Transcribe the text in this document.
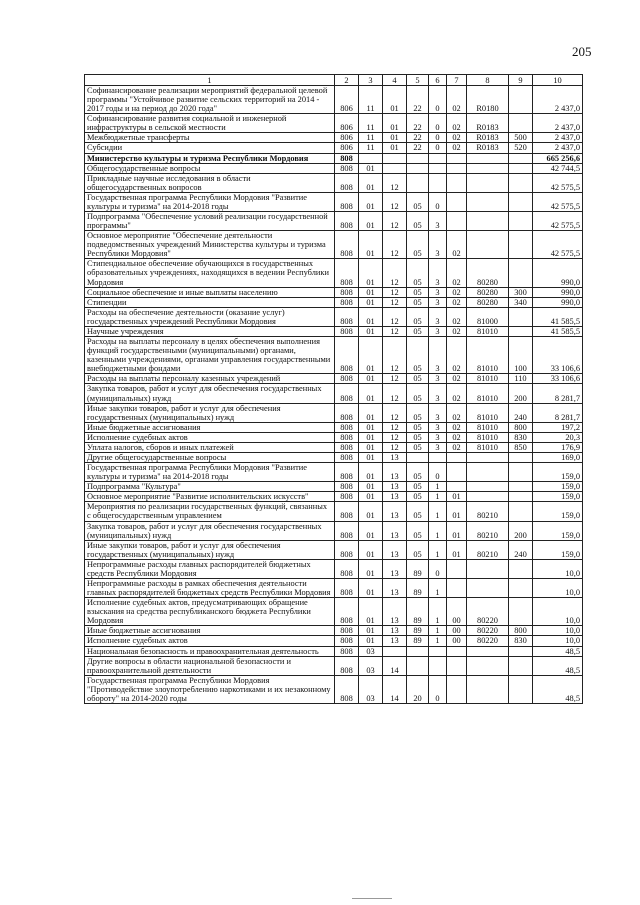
205
1	2	3	4	5	6	7	8	9	10
Софинансирование реализации мероприятий федеральной целевой программы "Устойчивое развитие сельских территорий на 2014 - 2017 годы и на период до 2020 года"	806	11	01	22	0	02	R0180		2 437,0
Софинансирование развития социальной и инженерной инфраструктуры в сельской местности	806	11	01	22	0	02	R0183		2 437,0
Межбюджетные трансферты	806	11	01	22	0	02	R0183	500	2 437,0
Субсидии	806	11	01	22	0	02	R0183	520	2 437,0
Министерство культуры и туризма Республики Мордовия	808								665 256,6
Общегосударственные вопросы	808	01							42 744,5
Прикладные научные исследования в области общегосударственных вопросов	808	01	12						42 575,5
Государственная программа Республики Мордовия "Развитие культуры и туризма" на 2014-2018 годы	808	01	12	05	0				42 575,5
Подпрограмма "Обеспечение условий реализации государственной программы"	808	01	12	05	3				42 575,5
Основное мероприятие "Обеспечение деятельности подведомственных учреждений Министерства культуры и туризма Республики Мордовия"	808	01	12	05	3	02			42 575,5
Стипендиальное обеспечение обучающихся в государственных образовательных учреждениях, находящихся в ведении Республики Мордовия	808	01	12	05	3	02	80280		990,0
Социальное обеспечение и иные выплаты населению	808	01	12	05	3	02	80280	300	990,0
Стипендии	808	01	12	05	3	02	80280	340	990,0
Расходы на обеспечение деятельности (оказание услуг) государственных учреждений Республики Мордовия	808	01	12	05	3	02	81000		41 585,5
Научные учреждения	808	01	12	05	3	02	81010		41 585,5
Расходы на выплаты персоналу в целях обеспечения выполнения функций государственными (муниципальными) органами, казенными учреждениями, органами управления государственными внебюджетными фондами	808	01	12	05	3	02	81010	100	33 106,6
Расходы на выплаты персоналу казенных учреждений	808	01	12	05	3	02	81010	110	33 106,6
Закупка товаров, работ и услуг для обеспечения государственных (муниципальных) нужд	808	01	12	05	3	02	81010	200	8 281,7
Иные закупки товаров, работ и услуг для обеспечения государственных (муниципальных) нужд	808	01	12	05	3	02	81010	240	8 281,7
Иные бюджетные ассигнования	808	01	12	05	3	02	81010	800	197,2
Исполнение судебных актов	808	01	12	05	3	02	81010	830	20,3
Уплата налогов, сборов и иных платежей	808	01	12	05	3	02	81010	850	176,9
Другие общегосударственные вопросы	808	01	13						169,0
Государственная программа Республики Мордовия "Развитие культуры и туризма" на 2014-2018 годы	808	01	13	05	0				159,0
Подпрограмма "Культура"	808	01	13	05	1				159,0
Основное мероприятие "Развитие исполнительских искусств"	808	01	13	05	1	01			159,0
Мероприятия по реализации государственных функций, связанных с общегосударственным управлением	808	01	13	05	1	01	80210		159,0
Закупка товаров, работ и услуг для обеспечения государственных (муниципальных) нужд	808	01	13	05	1	01	80210	200	159,0
Иные закупки товаров, работ и услуг для обеспечения государственных (муниципальных) нужд	808	01	13	05	1	01	80210	240	159,0
Непрограммные расходы главных распорядителей бюджетных средств Республики Мордовия	808	01	13	89	0				10,0
Непрограммные расходы в рамках обеспечения деятельности главных распорядителей бюджетных средств Республики Мордовия	808	01	13	89	1				10,0
Исполнение судебных актов, предусматривающих обращение взыскания на средства республиканского бюджета Республики Мордовия	808	01	13	89	1	00	80220		10,0
Иные бюджетные ассигнования	808	01	13	89	1	00	80220	800	10,0
Исполнение судебных актов	808	01	13	89	1	00	80220	830	10,0
Национальная безопасность и правоохранительная деятельность	808	03							48,5
Другие вопросы в области национальной безопасности и правоохранительной деятельности	808	03	14						48,5
Государственная программа Республики Мордовия "Противодействие злоупотреблению наркотиками и их незаконному обороту" на 2014-2020 годы	808	03	14	20	0				48,5
